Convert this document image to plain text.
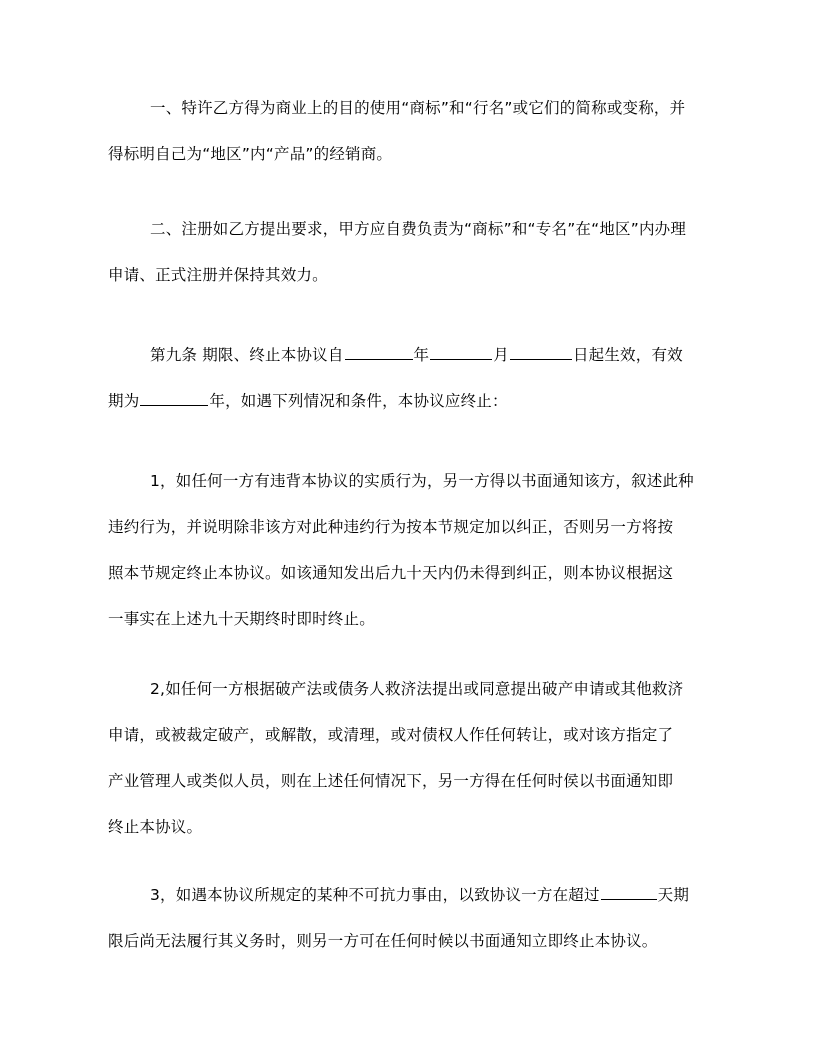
一、特许乙方得为商业上的目的使用“商标”和“行名”或它们的简称或变称，并
得标明自己为“地区”内“产品”的经销商。
二、注册如乙方提出要求，甲方应自费负责为“商标”和“专名”在“地区”内办理
申请、正式注册并保持其效力。
第九条 期限、终止本协议自	年	月	日起生效，有效
期为	年，如遇下列情况和条件，本协议应终止：
1，如任何一方有违背本协议的实质行为，另一方得以书面通知该方，叙述此种
违约行为，并说明除非该方对此种违约行为按本节规定加以纠正，否则另一方将按
照本节规定终止本协议。如该通知发出后九十天内仍未得到纠正，则本协议根据这
一事实在上述九十天期终时即时终止。
2,如任何一方根据破产法或债务人救济法提出或同意提出破产申请或其他救济
申请，或被裁定破产，或解散，或清理，或对债权人作任何转让，或对该方指定了
产业管理人或类似人员，则在上述任何情况下，另一方得在任何时侯以书面通知即
终止本协议。
3，如遇本协议所规定的某种不可抗力事由，以致协议一方在超过	天期
限后尚无法履行其义务时，则另一方可在任何时候以书面通知立即终止本协议。
